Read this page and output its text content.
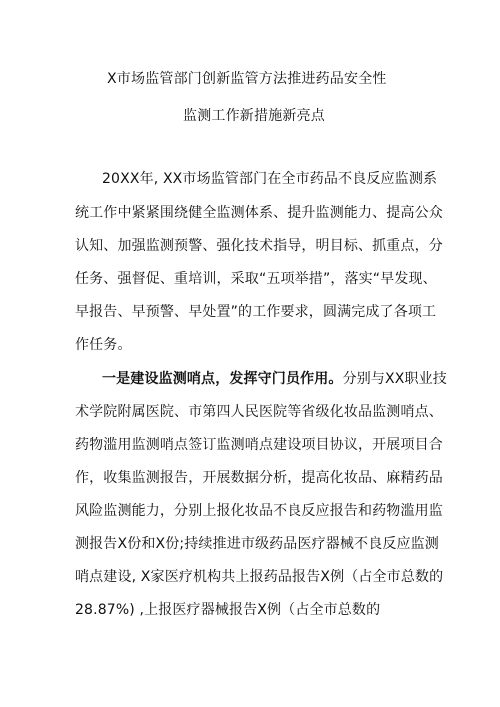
X市场监管部门创新监管方法推进药品安全性
监测工作新措施新亮点
20XX年, XX市场监管部门在全市药品不良反应监测系
统工作中紧紧围绕健全监测体系、提升监测能力、提高公众
认知、加强监测预警、强化技术指导，明目标、抓重点，分
任务、强督促、重培训，采取“五项举措”，落实“早发现、
早报告、早预警、早处置”的工作要求，圆满完成了各项工
作任务。
一是建设监测哨点，发挥守门员作用。分别与XX职业技
术学院附属医院、市第四人民医院等省级化妆品监测哨点、
药物滥用监测哨点签订监测哨点建设项目协议，开展项目合
作，收集监测报告，开展数据分析，提高化妆品、麻精药品
风险监测能力，分别上报化妆品不良反应报告和药物滥用监
测报告X份和X份;持续推进市级药品医疗器械不良反应监测
哨点建设, X家医疗机构共上报药品报告X例（占全市总数的
28.87%) ,上报医疗器械报告X例（占全市总数的
